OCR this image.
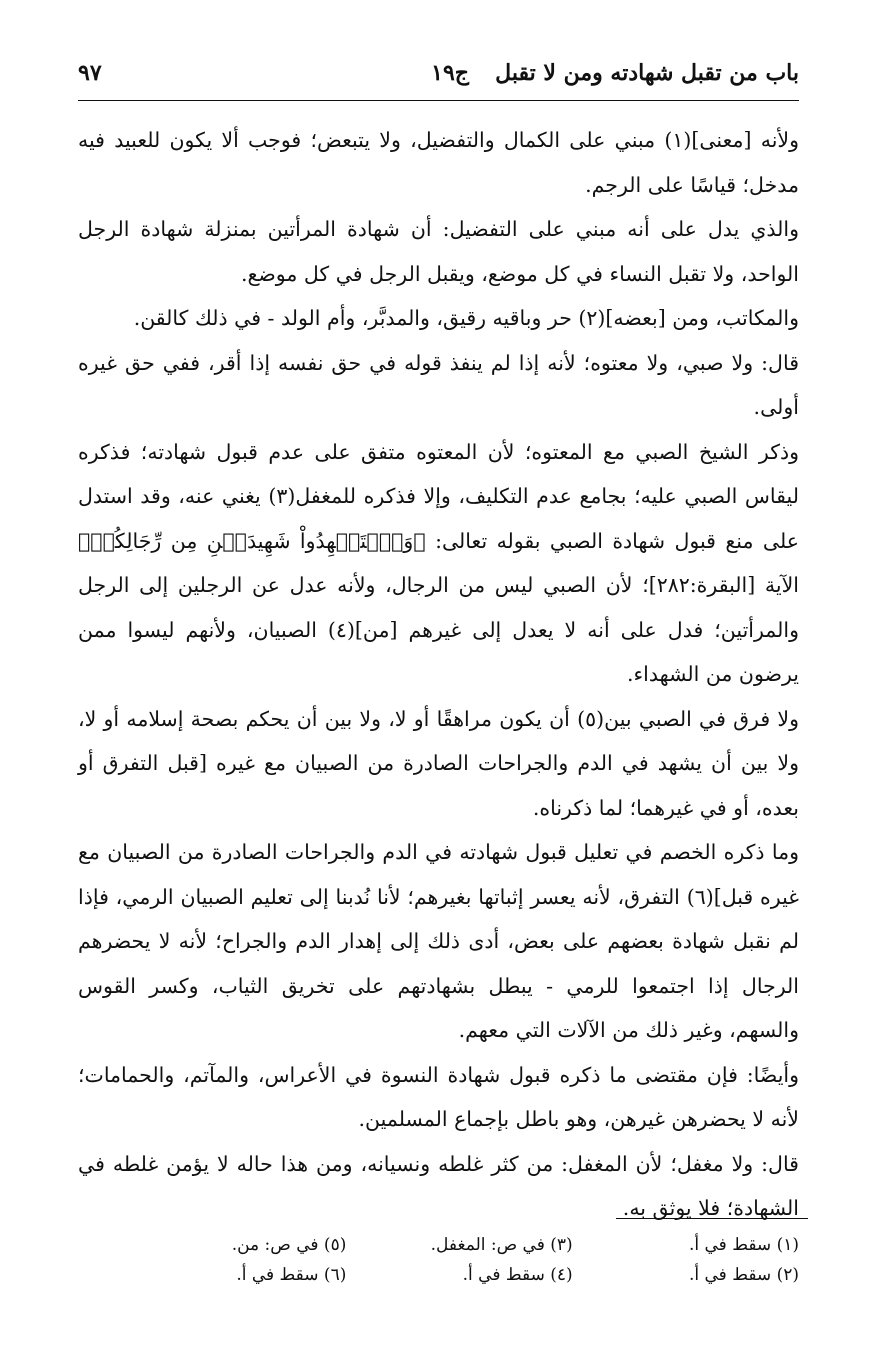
باب من تقبل شهادته ومن لا تقبل
ج١٩
٩٧

ولأنه [معنى](١) مبني على الكمال والتفضيل، ولا يتبعض؛ فوجب ألا يكون للعبيد فيه مدخل؛ قياسًا على الرجم.

والذي يدل على أنه مبني على التفضيل: أن شهادة المرأتين بمنزلة شهادة الرجل الواحد، ولا تقبل النساء في كل موضع، ويقبل الرجل في كل موضع.

والمكاتب، ومن [بعضه](٢) حر وباقيه رقيق، والمدبَّر، وأم الولد - في ذلك كالقن.

قال: ولا صبي، ولا معتوه؛ لأنه إذا لم ينفذ قوله في حق نفسه إذا أقر، ففي حق غيره أولى.

وذكر الشيخ الصبي مع المعتوه؛ لأن المعتوه متفق على عدم قبول شهادته؛ فذكره ليقاس الصبي عليه؛ بجامع عدم التكليف، وإلا فذكره للمغفل(٣) يغني عنه، وقد استدل على منع قبول شهادة الصبي بقوله تعالى: ﴿وَٱسۡتَشۡهِدُواْ شَهِيدَيۡنِ مِن رِّجَالِكُمۡ﴾ الآية [البقرة:٢٨٢]؛ لأن الصبي ليس من الرجال، ولأنه عدل عن الرجلين إلى الرجل والمرأتين؛ فدل على أنه لا يعدل إلى غيرهم [من](٤) الصبيان، ولأنهم ليسوا ممن يرضون من الشهداء.

ولا فرق في الصبي بين(٥) أن يكون مراهقًا أو لا، ولا بين أن يحكم بصحة إسلامه أو لا، ولا بين أن يشهد في الدم والجراحات الصادرة من الصبيان مع غيره [قبل التفرق أو بعده، أو في غيرهما؛ لما ذكرناه.

وما ذكره الخصم في تعليل قبول شهادته في الدم والجراحات الصادرة من الصبيان مع غيره قبل](٦) التفرق، لأنه يعسر إثباتها بغيرهم؛ لأنا نُدبنا إلى تعليم الصبيان الرمي، فإذا لم نقبل شهادة بعضهم على بعض، أدى ذلك إلى إهدار الدم والجراح؛ لأنه لا يحضرهم الرجال إذا اجتمعوا للرمي - يبطل بشهادتهم على تخريق الثياب، وكسر القوس والسهم، وغير ذلك من الآلات التي معهم.

وأيضًا: فإن مقتضى ما ذكره قبول شهادة النسوة في الأعراس، والمآتم، والحمامات؛ لأنه لا يحضرهن غيرهن، وهو باطل بإجماع المسلمين.

قال: ولا مغفل؛ لأن المغفل: من كثر غلطه ونسيانه، ومن هذا حاله لا يؤمن غلطه في الشهادة؛ فلا يوثق به.

(١) سقط في أ.
(٣) في ص: المغفل.
(٥) في ص: من.
(٢) سقط في أ.
(٤) سقط في أ.
(٦) سقط في أ.
